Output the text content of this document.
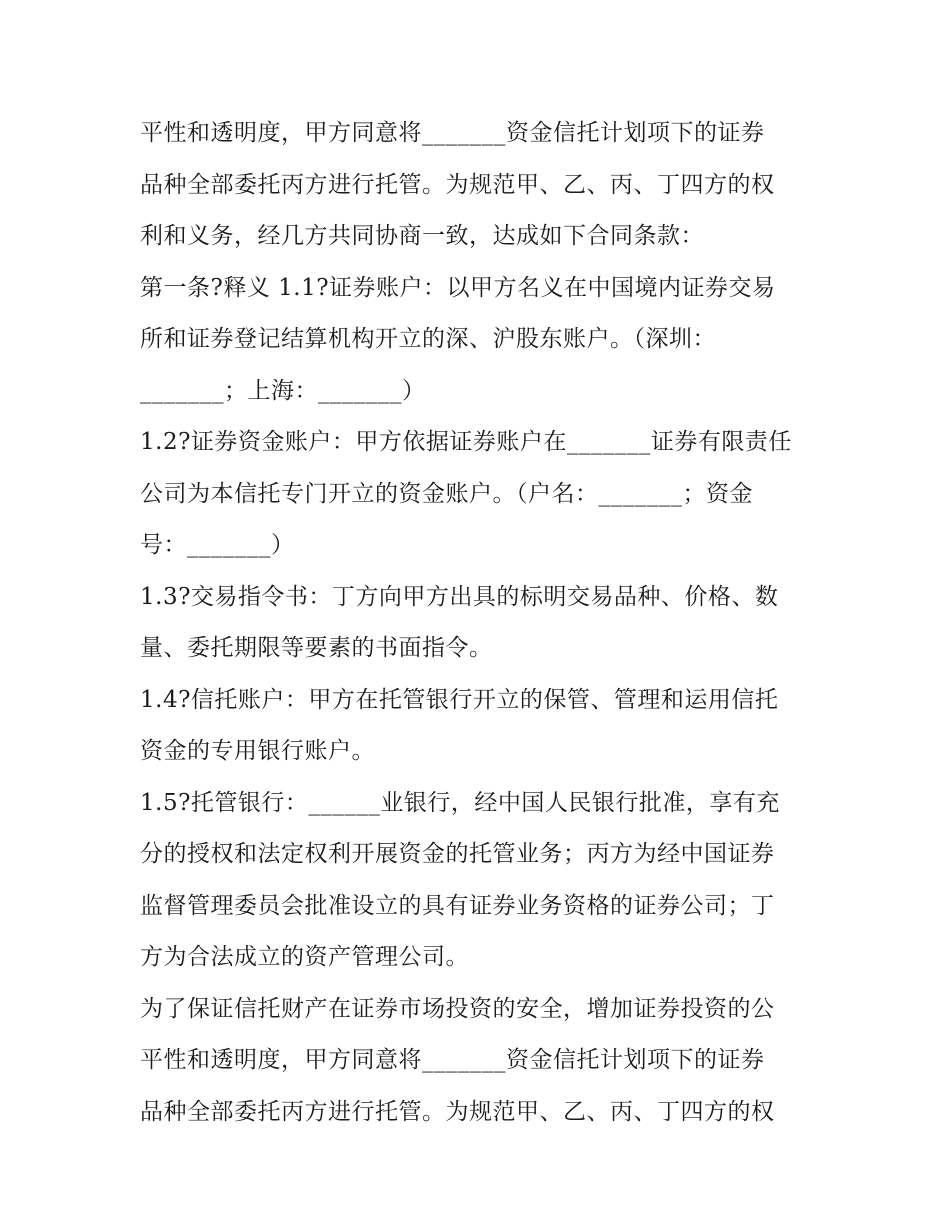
平性和透明度，甲方同意将_______资金信托计划项下的证券
品种全部委托丙方进行托管。为规范甲、乙、丙、丁四方的权
利和义务，经几方共同协商一致，达成如下合同条款：
第一条?释义 1.1?证券账户：以甲方名义在中国境内证券交易
所和证券登记结算机构开立的深、沪股东账户。（深圳：
_______；上海：_______）
1.2?证券资金账户：甲方依据证券账户在_______证券有限责任
公司为本信托专门开立的资金账户。（户名：_______；资金
号：_______）
1.3?交易指令书：丁方向甲方出具的标明交易品种、价格、数
量、委托期限等要素的书面指令。
1.4?信托账户：甲方在托管银行开立的保管、管理和运用信托
资金的专用银行账户。
1.5?托管银行：______业银行，经中国人民银行批准，享有充
分的授权和法定权利开展资金的托管业务；丙方为经中国证券
监督管理委员会批准设立的具有证券业务资格的证券公司；丁
方为合法成立的资产管理公司。
为了保证信托财产在证券市场投资的安全，增加证券投资的公
平性和透明度，甲方同意将_______资金信托计划项下的证券
品种全部委托丙方进行托管。为规范甲、乙、丙、丁四方的权
